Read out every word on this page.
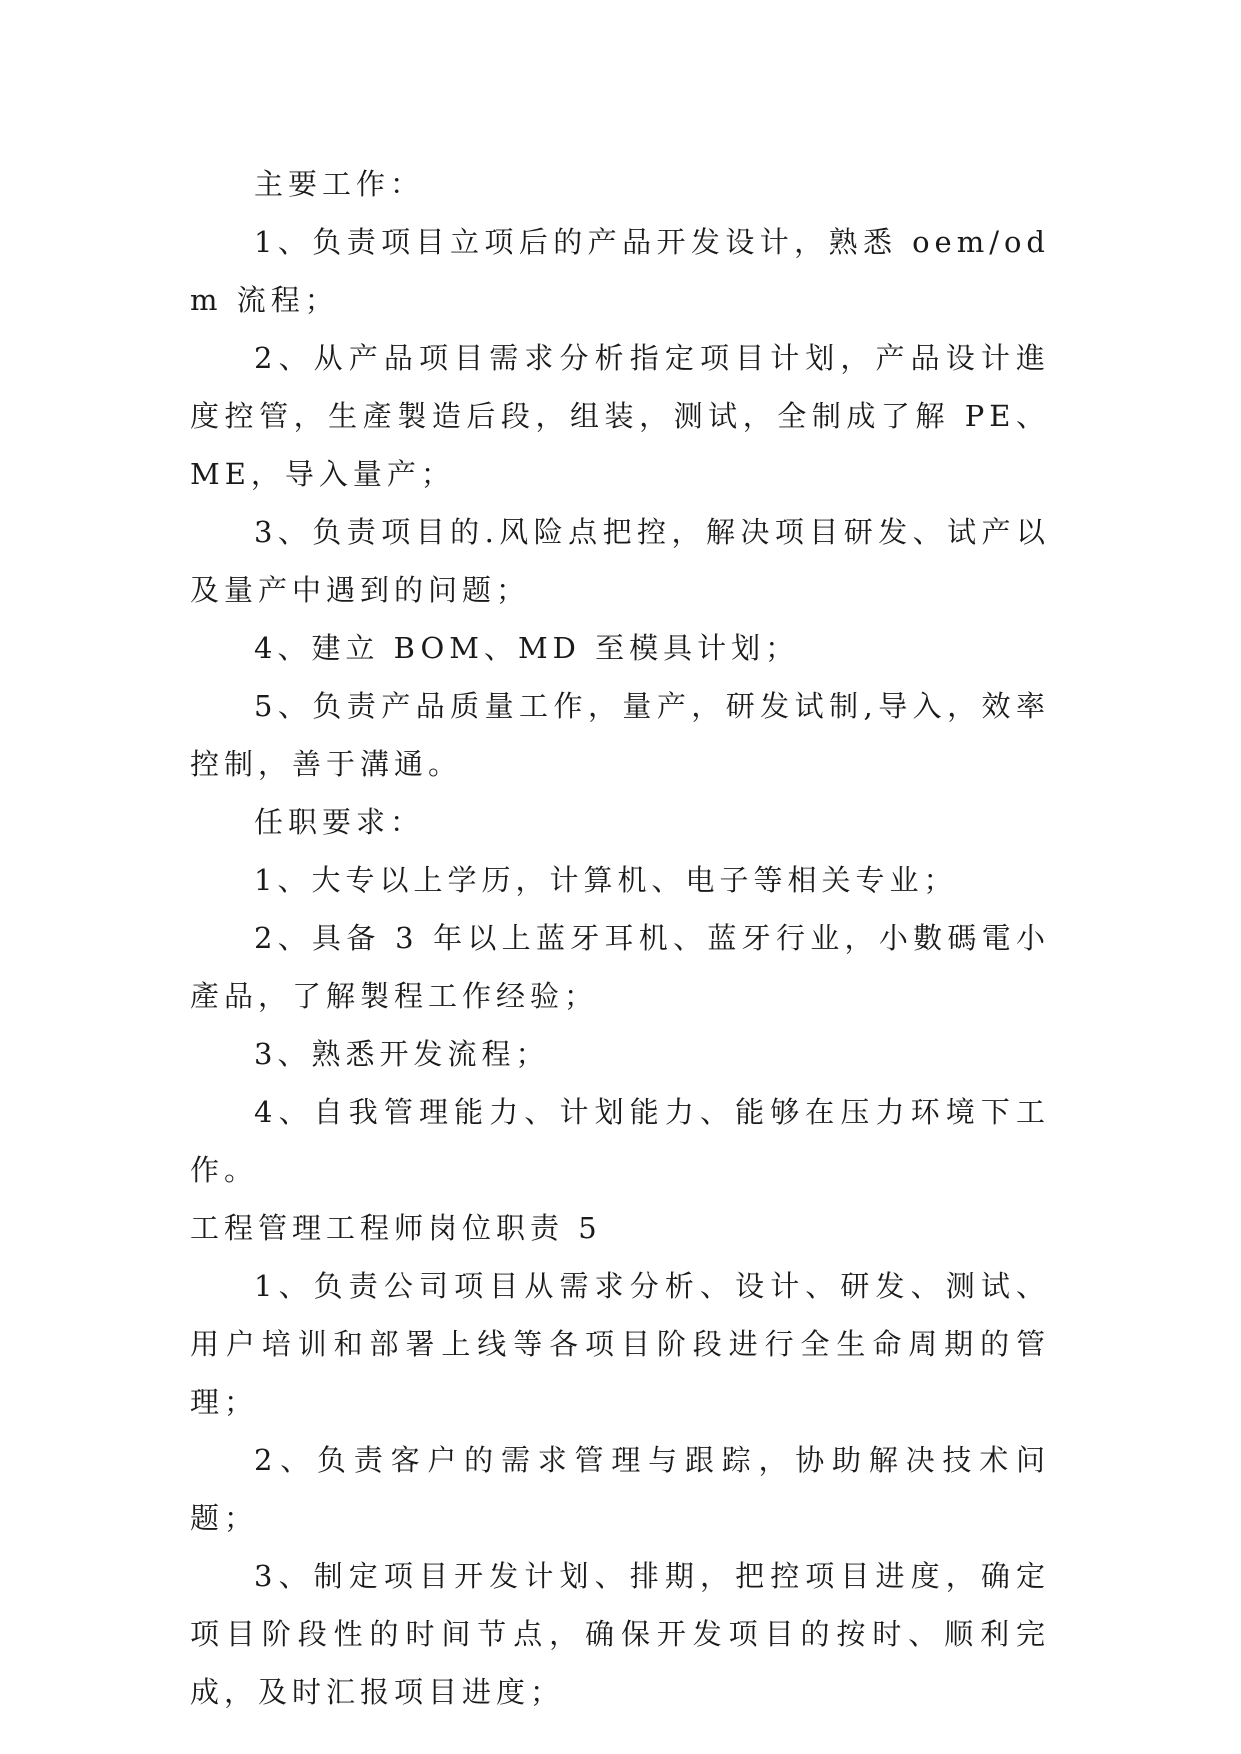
主要工作：

1、负责项目立项后的产品开发设计，熟悉 oem/odm 流程；

2、从产品项目需求分析指定项目计划，产品设计進度控管，生產製造后段，组装，测试，全制成了解 PE、ME，导入量产；

3、负责项目的.风险点把控，解决项目研发、试产以及量产中遇到的问题；

4、建立 BOM、MD 至模具计划；

5、负责产品质量工作，量产，研发试制,导入，效率控制，善于溝通。

任职要求：

1、大专以上学历，计算机、电子等相关专业；

2、具备 3 年以上蓝牙耳机、蓝牙行业，小數碼電小產品，了解製程工作经验；

3、熟悉开发流程；

4、自我管理能力、计划能力、能够在压力环境下工作。

工程管理工程师岗位职责 5

1、负责公司项目从需求分析、设计、研发、测试、用户培训和部署上线等各项目阶段进行全生命周期的管理；

2、负责客户的需求管理与跟踪，协助解决技术问题；

3、制定项目开发计划、排期，把控项目进度，确定项目阶段性的时间节点，确保开发项目的按时、顺利完成，及时汇报项目进度；
